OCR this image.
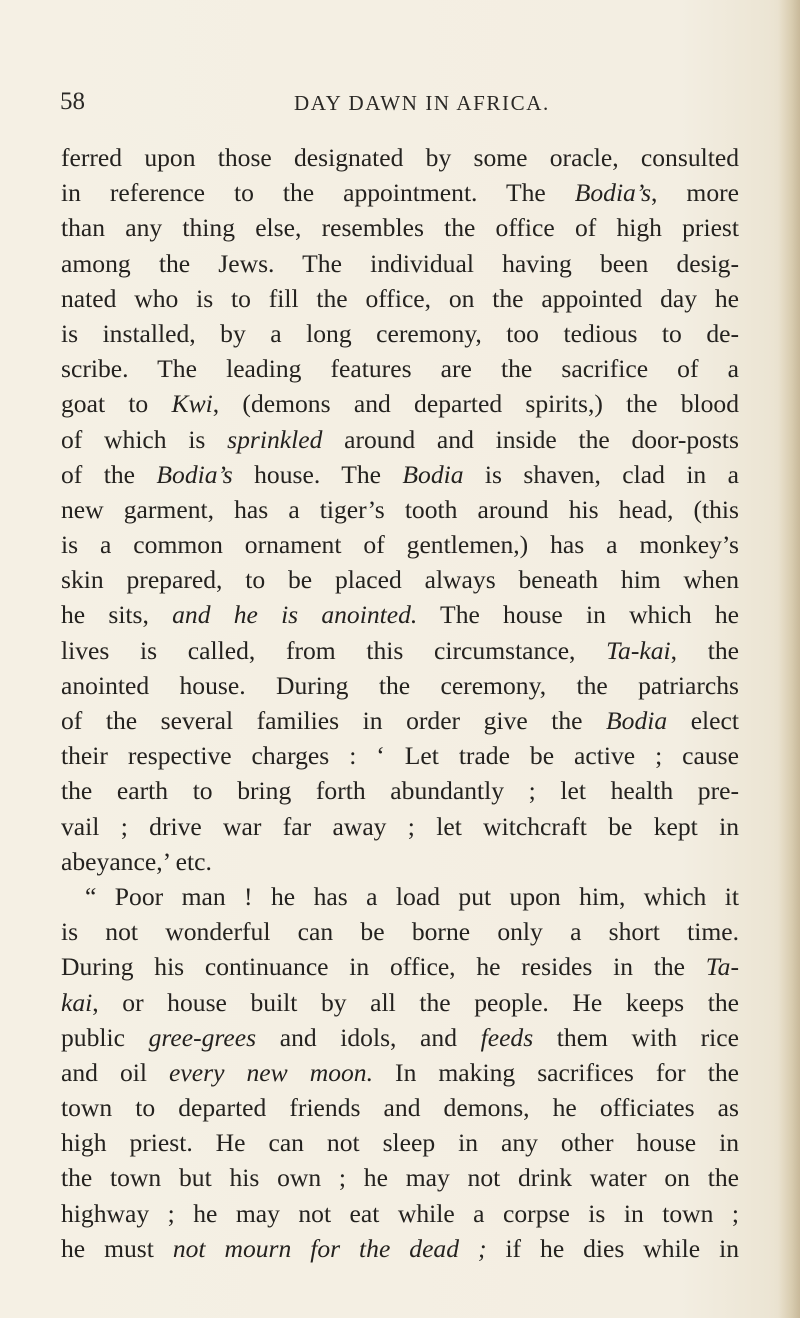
58	DAY DAWN IN AFRICA.
ferred upon those designated by some oracle, consulted
in reference to the appointment. The Bodia’s, more
than any thing else, resembles the office of high priest
among the Jews. The individual having been desig-
nated who is to fill the office, on the appointed day he
is installed, by a long ceremony, too tedious to de-
scribe. The leading features are the sacrifice of a
goat to Kwi, (demons and departed spirits,) the blood
of which is sprinkled around and inside the door-posts
of the Bodia’s house. The Bodia is shaven, clad in a
new garment, has a tiger’s tooth around his head, (this
is a common ornament of gentlemen,) has a monkey’s
skin prepared, to be placed always beneath him when
he sits, and he is anointed. The house in which he
lives is called, from this circumstance, Ta-kai, the
anointed house. During the ceremony, the patriarchs
of the several families in order give the Bodia elect
their respective charges : ‘ Let trade be active ; cause
the earth to bring forth abundantly ; let health pre-
vail ; drive war far away ; let witchcraft be kept in
abeyance,’ etc.
“ Poor man ! he has a load put upon him, which it
is not wonderful can be borne only a short time.
During his continuance in office, he resides in the Ta-
kai, or house built by all the people. He keeps the
public gree-grees and idols, and feeds them with rice
and oil every new moon. In making sacrifices for the
town to departed friends and demons, he officiates as
high priest. He can not sleep in any other house in
the town but his own ; he may not drink water on the
highway ; he may not eat while a corpse is in town ;
he must not mourn for the dead ; if he dies while in
